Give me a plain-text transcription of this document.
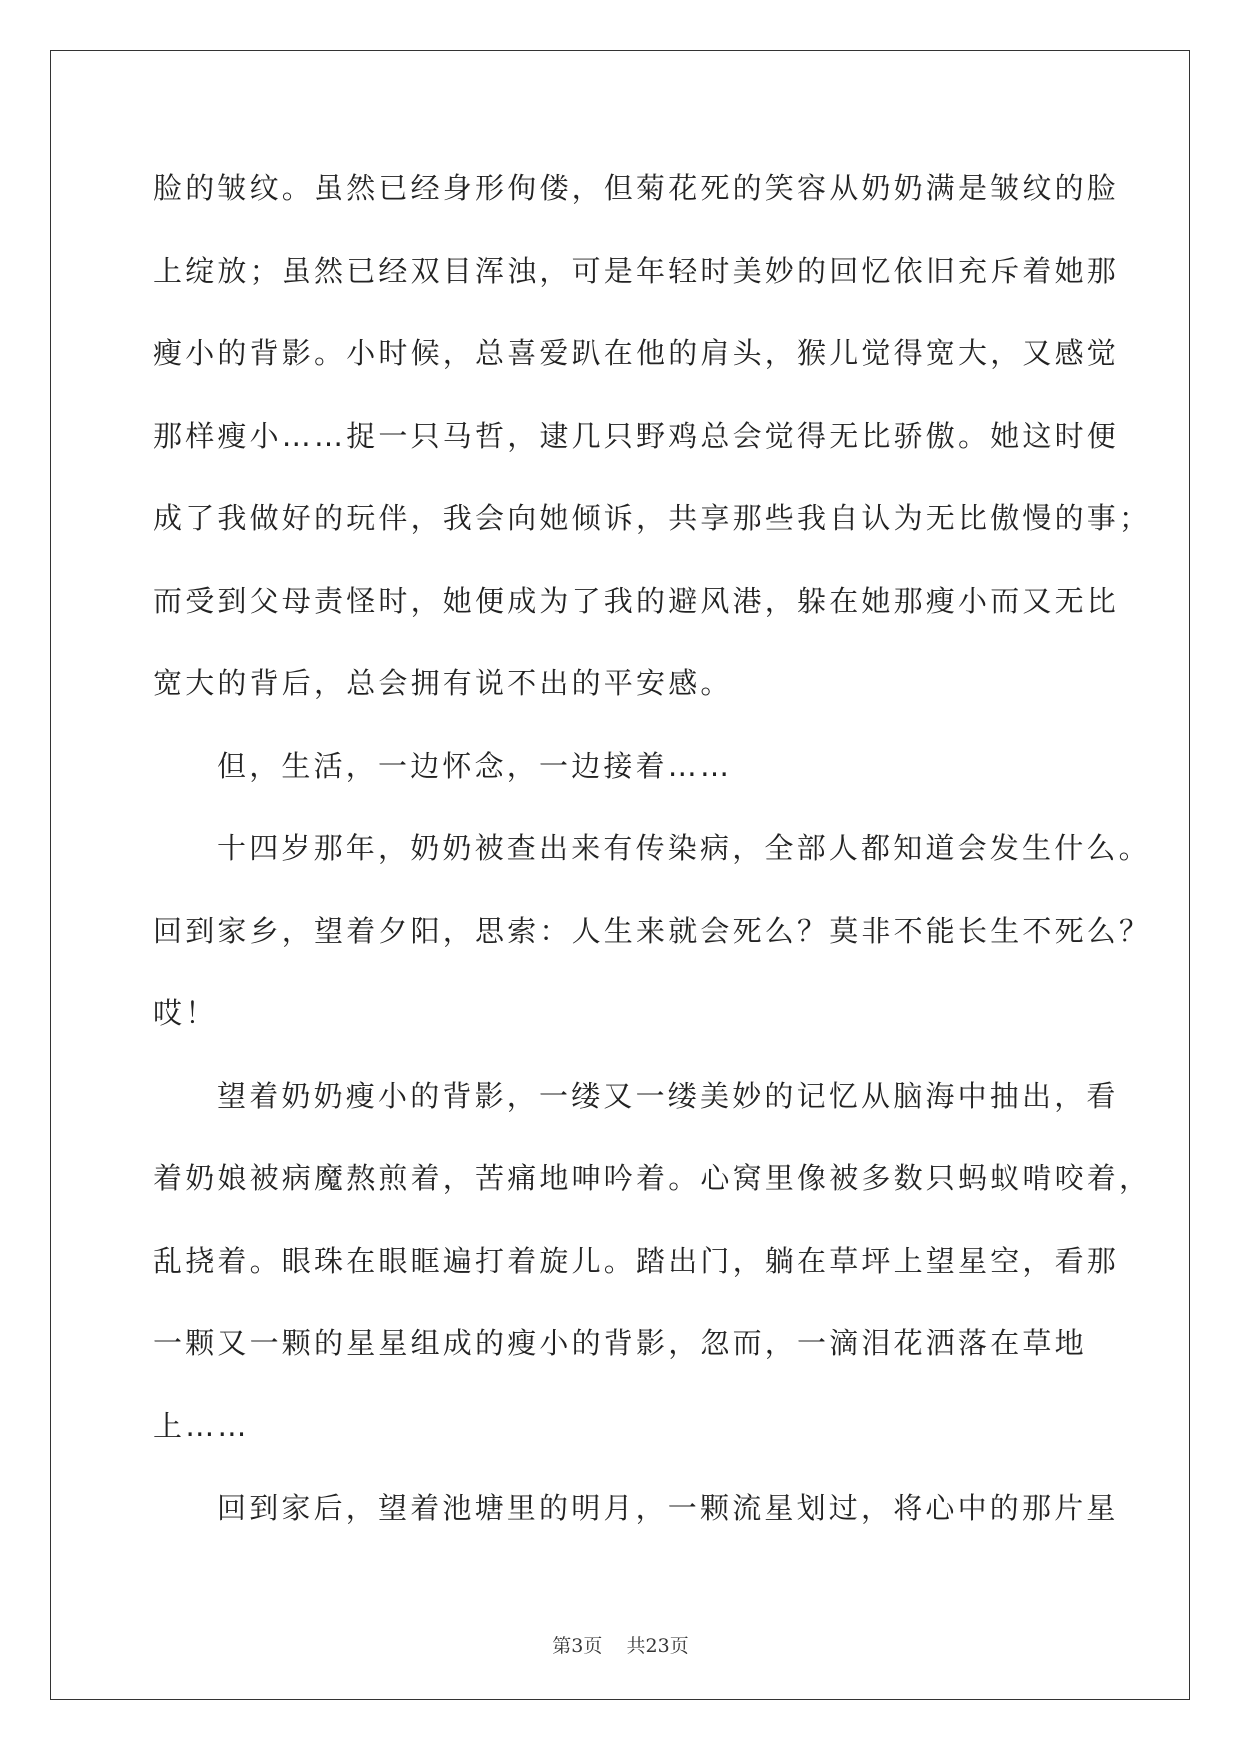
脸的皱纹。虽然已经身形佝偻，但菊花死的笑容从奶奶满是皱纹的脸
上绽放；虽然已经双目浑浊，可是年轻时美妙的回忆依旧充斥着她那
瘦小的背影。小时候，总喜爱趴在他的肩头，猴儿觉得宽大，又感觉
那样瘦小……捉一只马哲，逮几只野鸡总会觉得无比骄傲。她这时便
成了我做好的玩伴，我会向她倾诉，共享那些我自认为无比傲慢的事；
而受到父母责怪时，她便成为了我的避风港，躲在她那瘦小而又无比
宽大的背后，总会拥有说不出的平安感。
但，生活，一边怀念，一边接着……
十四岁那年，奶奶被查出来有传染病，全部人都知道会发生什么。
回到家乡，望着夕阳，思索：人生来就会死么？莫非不能长生不死么？
哎！
望着奶奶瘦小的背影，一缕又一缕美妙的记忆从脑海中抽出，看
着奶娘被病魔熬煎着，苦痛地呻吟着。心窝里像被多数只蚂蚁啃咬着，
乱挠着。眼珠在眼眶遍打着旋儿。踏出门，躺在草坪上望星空，看那
一颗又一颗的星星组成的瘦小的背影，忽而，一滴泪花洒落在草地
上……
回到家后，望着池塘里的明月，一颗流星划过，将心中的那片星
第3页 共23页
